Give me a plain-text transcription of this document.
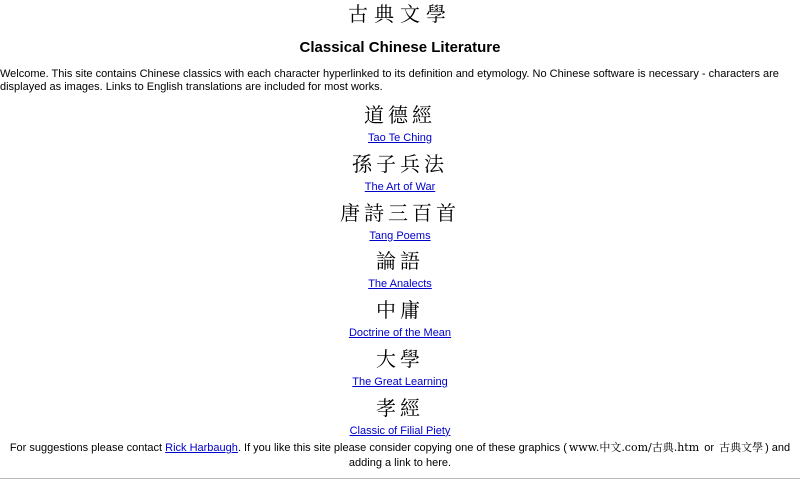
古典文學
Classical Chinese Literature

Welcome. This site contains Chinese classics with each character hyperlinked to its definition and etymology. No Chinese software is necessary - characters are displayed as images. Links to English translations are included for most works.

道德經
Tao Te Ching
孫子兵法
The Art of War
唐詩三百首
Tang Poems
論語
The Analects
中庸
Doctrine of the Mean
大學
The Great Learning
孝經
Classic of Filial Piety

For suggestions please contact Rick Harbaugh. If you like this site please consider copying one of these graphics ( www.中文.com/古典.htm or 古典文學 ) and adding a link to here.
